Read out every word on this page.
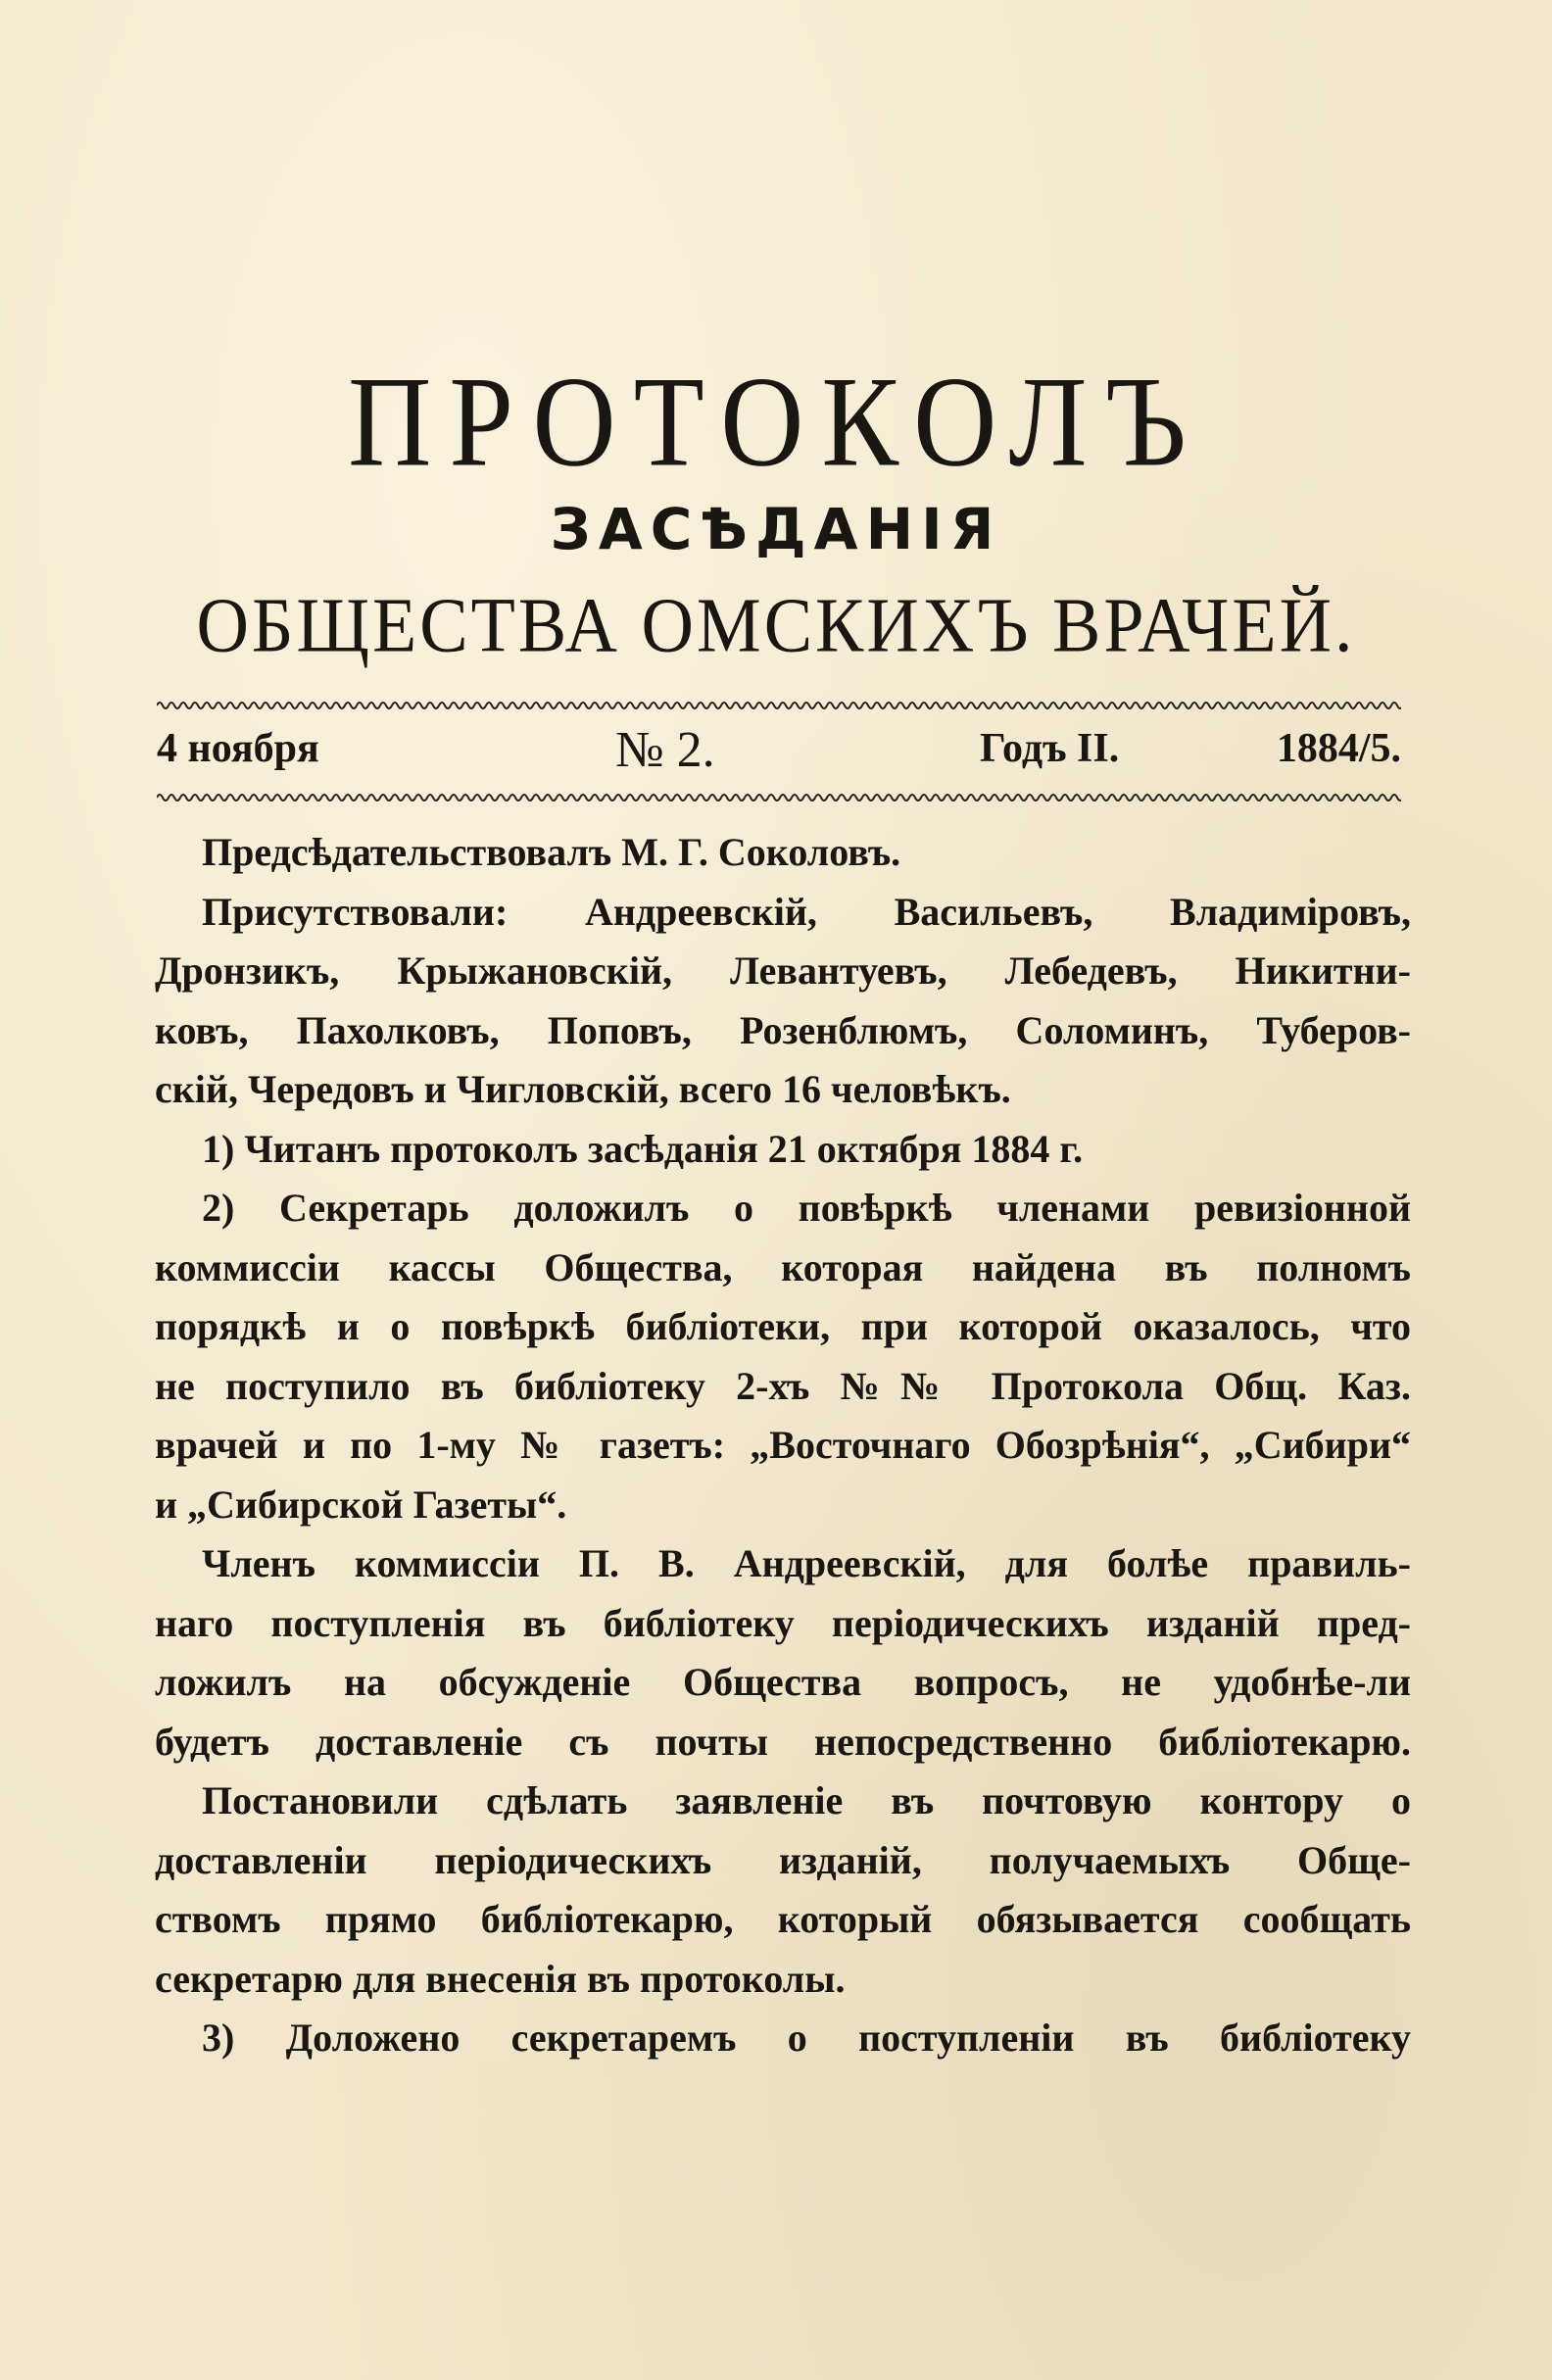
ПРОТОКОЛЪ
ЗАСѢДАНІЯ
ОБЩЕСТВА ОМСКИХЪ ВРАЧЕЙ.
4 ноября	№ 2.	Годъ II.	1884/5.
Предсѣдательствовалъ М. Г. Соколовъ.
Присутствовали: Андреевскій, Васильевъ, Владиміровъ,
Дронзикъ, Крыжановскій, Левантуевъ, Лебедевъ, Никитни-
ковъ, Пахолковъ, Поповъ, Розенблюмъ, Соломинъ, Туберов-
скій, Чередовъ и Чигловскій, всего 16 человѣкъ.
1) Читанъ протоколъ засѣданія 21 октября 1884 г.
2) Секретарь доложилъ о повѣркѣ членами ревизіонной
коммиссіи кассы Общества, которая найдена въ полномъ
порядкѣ и о повѣркѣ библіотеки, при которой оказалось, что
не поступило въ библіотеку 2-хъ №№ Протокола Общ. Каз.
врачей и по 1-му № газетъ: „Восточнаго Обозрѣнія“, „Сибири“
и „Сибирской Газеты“.
Членъ коммиссіи П. В. Андреевскій, для болѣе правиль-
наго поступленія въ библіотеку періодическихъ изданій пред-
ложилъ на обсужденіе Общества вопросъ, не удобнѣе-ли
будетъ доставленіе съ почты непосредственно библіотекарю.
Постановили сдѣлать заявленіе въ почтовую контору о
доставленіи періодическихъ изданій, получаемыхъ Обще-
ствомъ прямо библіотекарю, который обязывается сообщать
секретарю для внесенія въ протоколы.
3) Доложено секретаремъ о поступленіи въ библіотеку
